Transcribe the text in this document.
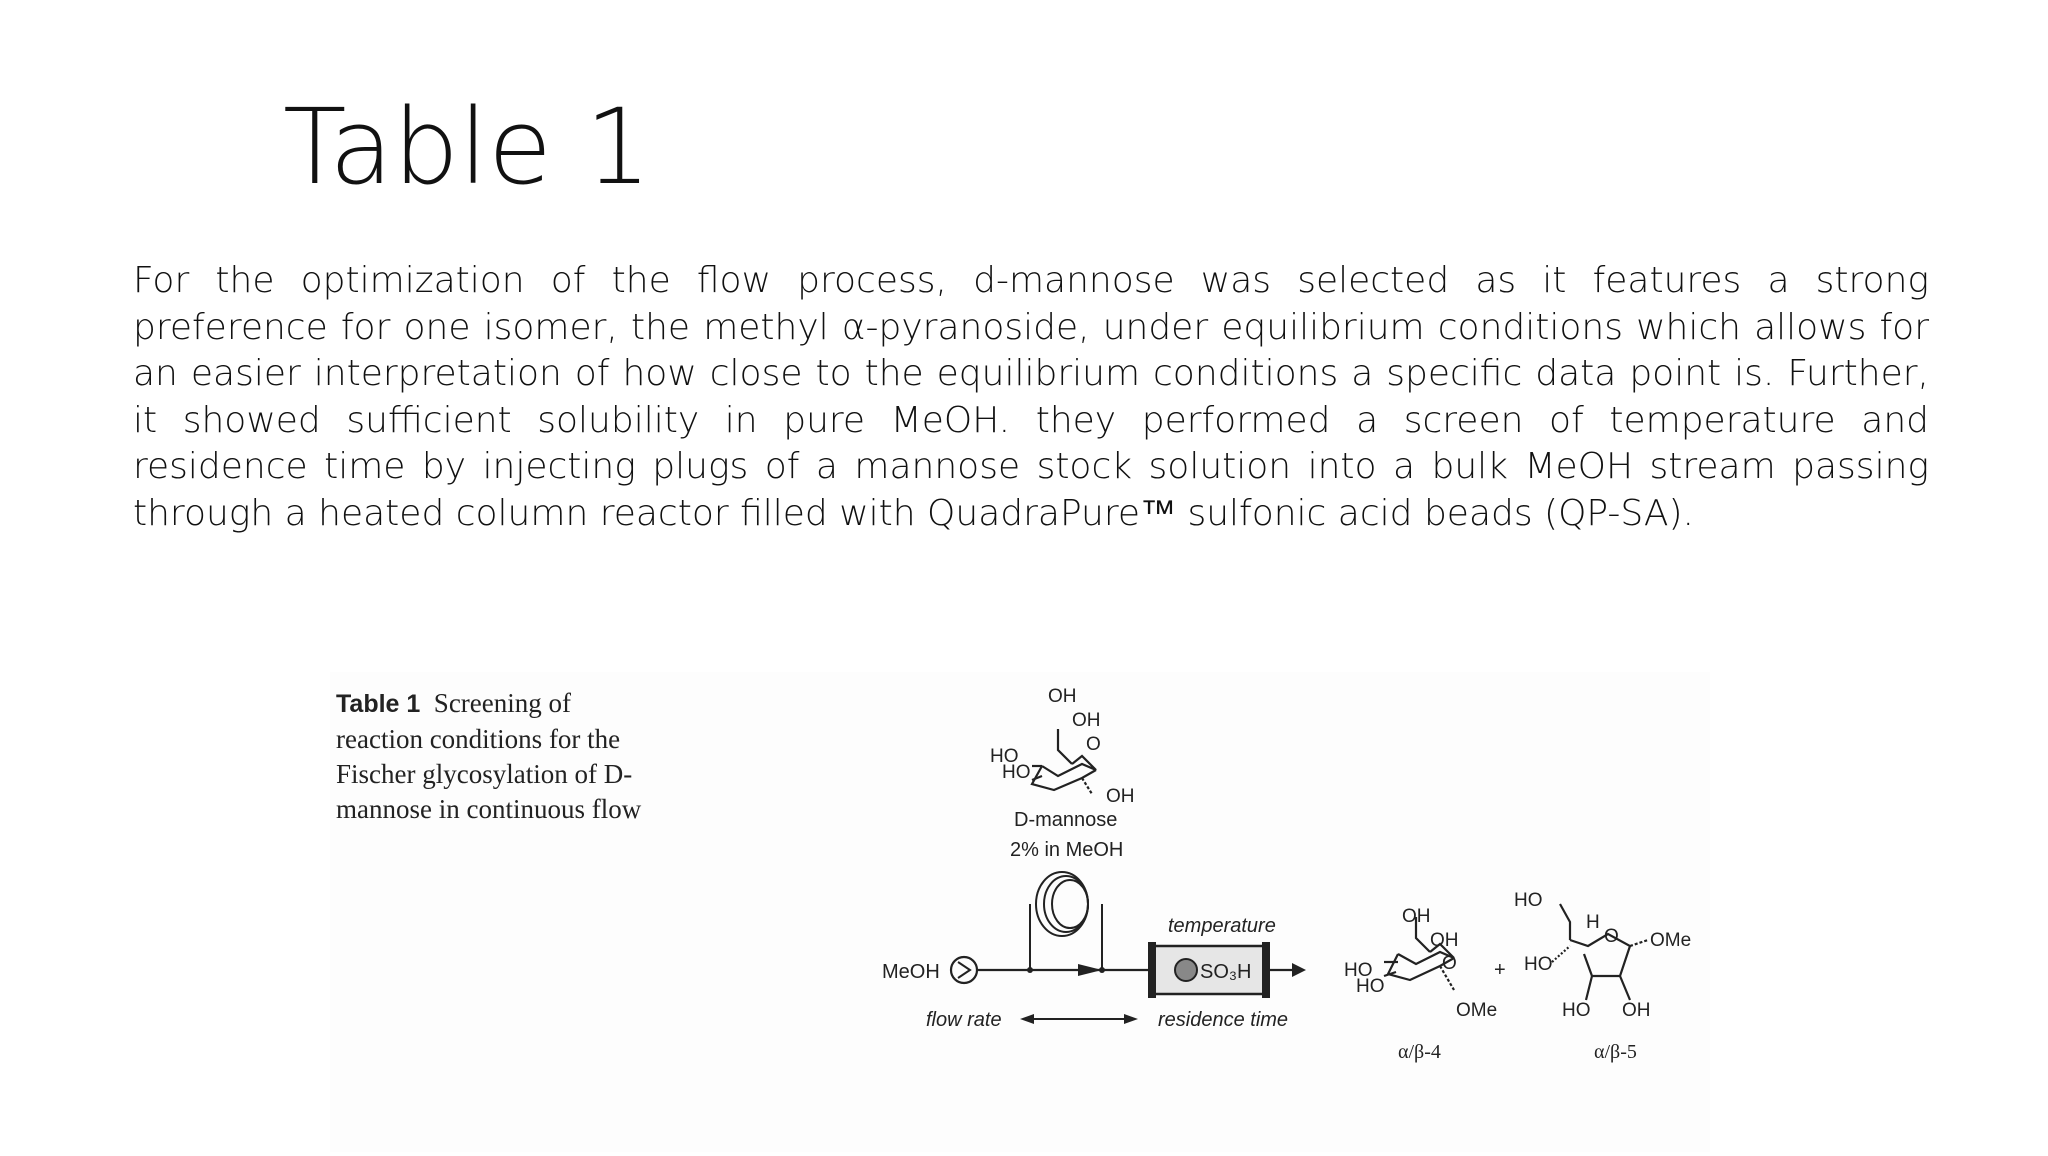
Table 1

For the optimization of the flow process, d-mannose was selected as it features a strong preference for one isomer, the methyl α-pyranoside, under equilibrium conditions which allows for an easier interpretation of how close to the equilibrium conditions a specific data point is. Further, it showed sufficient solubility in pure MeOH. they performed a screen of temperature and residence time by injecting plugs of a mannose stock solution into a bulk MeOH stream passing through a heated column reactor filled with QuadraPure™ sulfonic acid beads (QP-SA).

Table 1 Screening of reaction conditions for the Fischer glycosylation of D-mannose in continuous flow
OH
OH
O
HO
HO
OH
D-mannose
2% in MeOH
MeOH
temperature
SO₃H
flow rate	residence time
OH
OH
O
HO
HO
OMe
α/β-4
+
HO
H
O OMe
HO
HO OH
α/β-5
